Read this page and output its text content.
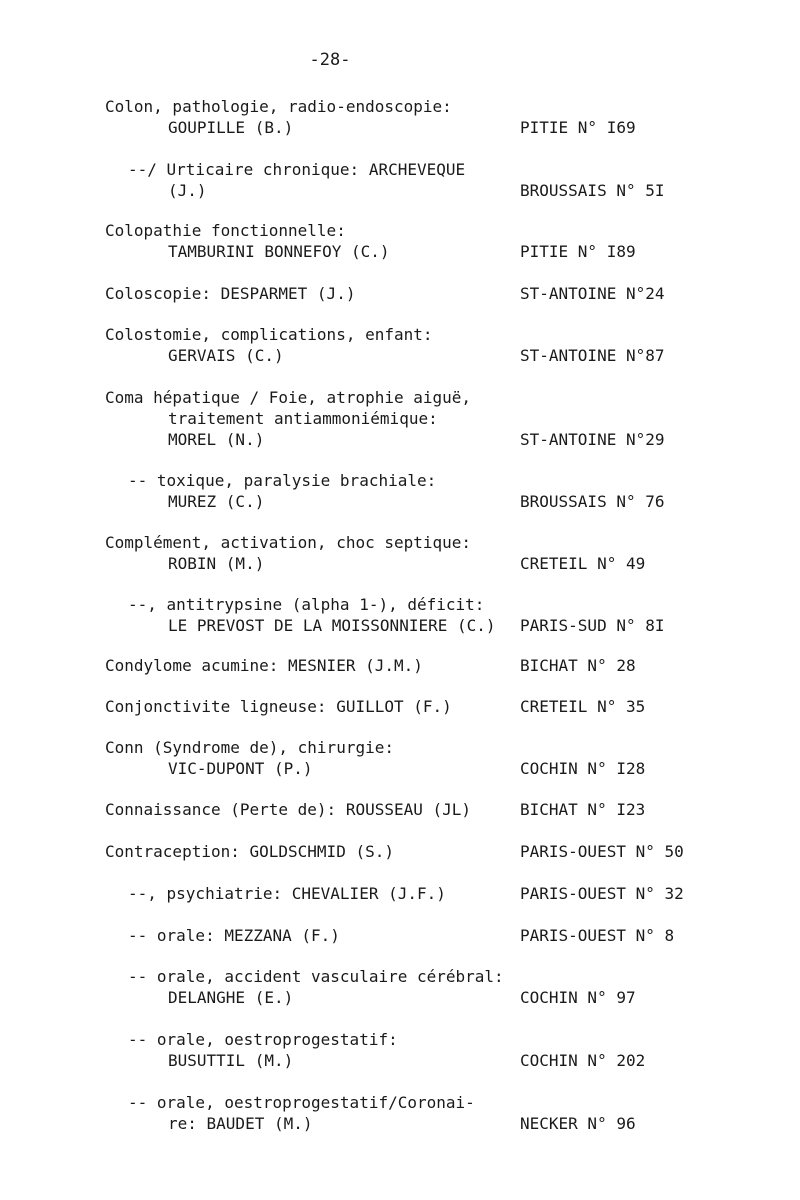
-28-
Colon, pathologie, radio-endoscopie:
GOUPILLE (B.)	PITIE N° I69
--/ Urticaire chronique: ARCHEVEQUE
(J.)	BROUSSAIS N° 5I
Colopathie fonctionnelle:
TAMBURINI BONNEFOY (C.)	PITIE N° I89
Coloscopie: DESPARMET (J.)	ST-ANTOINE N°24
Colostomie, complications, enfant:
GERVAIS (C.)	ST-ANTOINE N°87
Coma hépatique / Foie, atrophie aiguë,
traitement antiammoniémique:
MOREL (N.)	ST-ANTOINE N°29
-- toxique, paralysie brachiale:
MUREZ (C.)	BROUSSAIS N° 76
Complément, activation, choc septique:
ROBIN (M.)	CRETEIL N° 49
--, antitrypsine (alpha 1-), déficit:
LE PREVOST DE LA MOISSONNIERE (C.) PARIS-SUD N° 8I
Condylome acumine: MESNIER (J.M.)	BICHAT N° 28
Conjonctivite ligneuse: GUILLOT (F.)	CRETEIL N° 35
Conn (Syndrome de), chirurgie:
VIC-DUPONT (P.)	COCHIN N° I28
Connaissance (Perte de): ROUSSEAU (JL)	BICHAT N° I23
Contraception: GOLDSCHMID (S.)	PARIS-OUEST N° 50
--, psychiatrie: CHEVALIER (J.F.)	PARIS-OUEST N° 32
-- orale: MEZZANA (F.)	PARIS-OUEST N° 8
-- orale, accident vasculaire cérébral:
DELANGHE (E.)	COCHIN N° 97
-- orale, oestroprogestatif:
BUSUTTIL (M.)	COCHIN N° 202
-- orale, oestroprogestatif/Coronai-
re: BAUDET (M.)	NECKER N° 96
